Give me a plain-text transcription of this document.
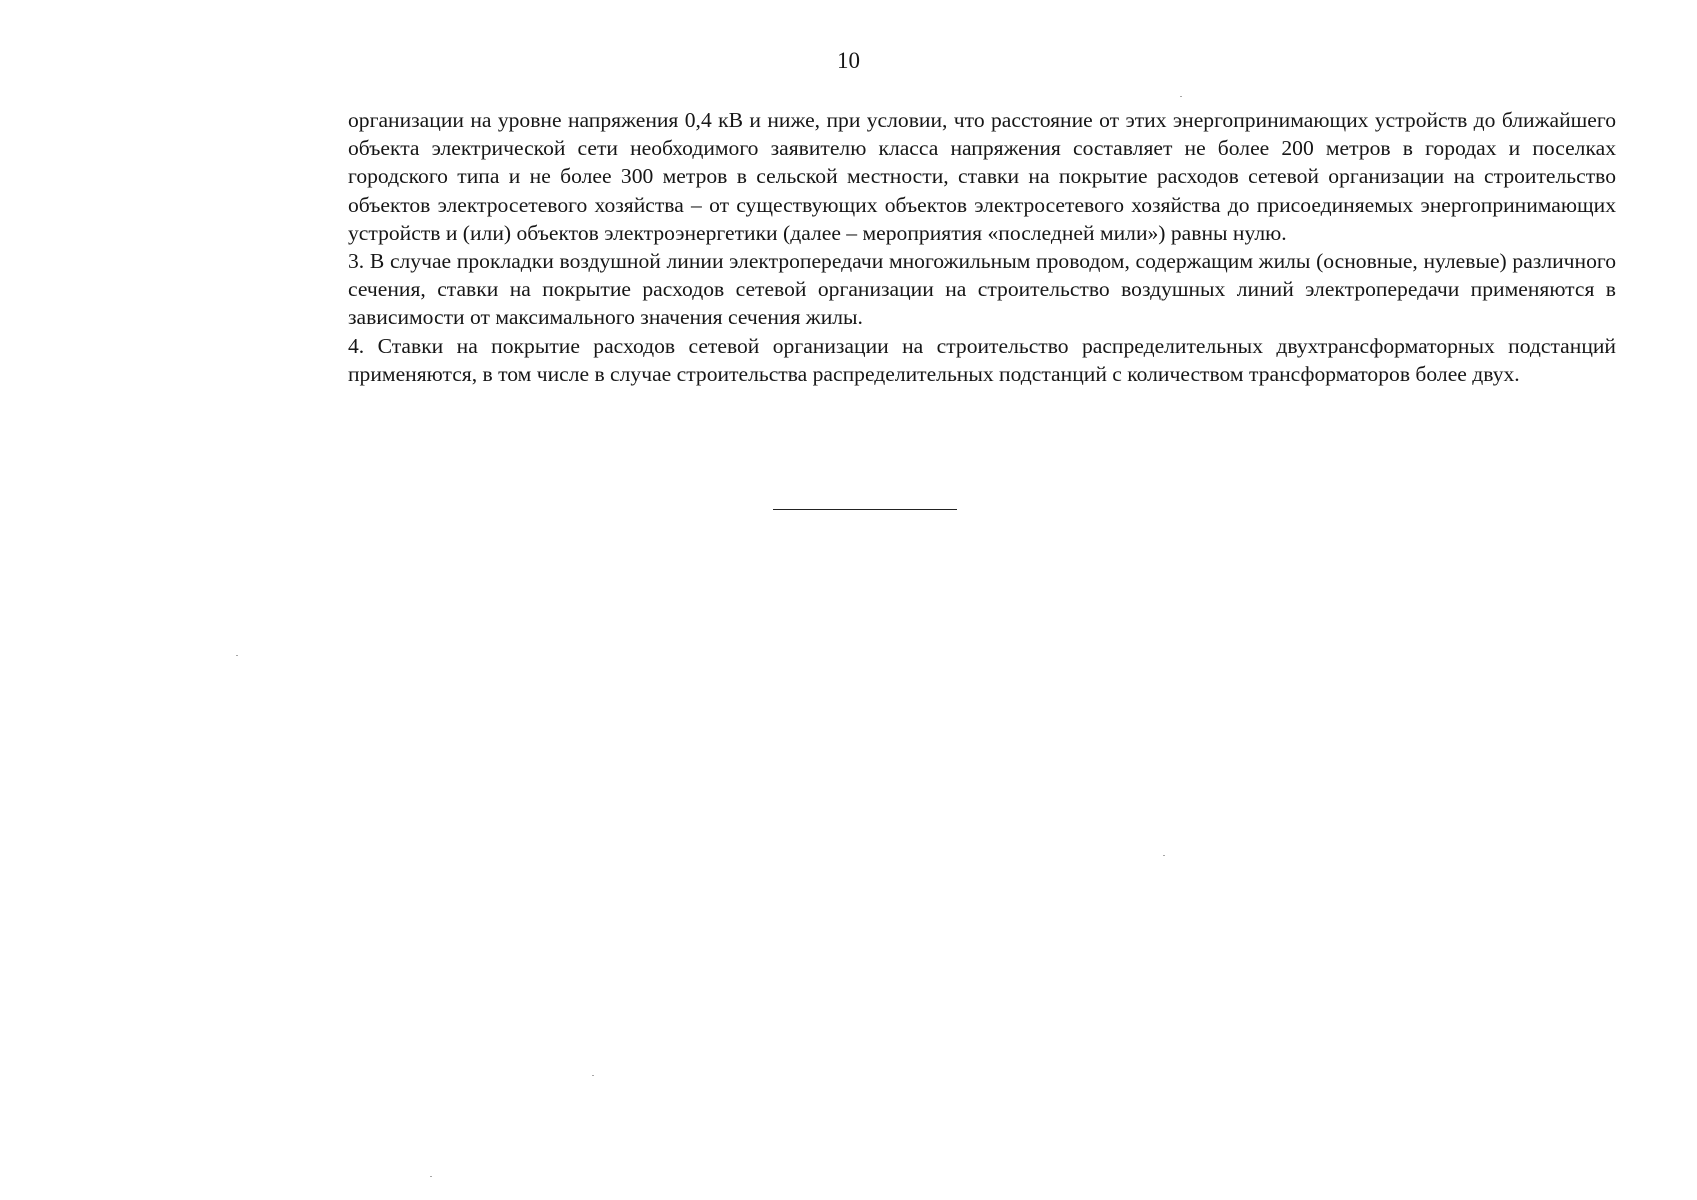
10

организации на уровне напряжения 0,4 кВ и ниже, при условии, что расстояние от этих энергопринимающих устройств до ближайшего объекта электрической сети необходимого заявителю класса напряжения составляет не более 200 метров в городах и поселках городского типа и не более 300 метров в сельской местности, ставки на покрытие расходов сетевой организации на строительство объектов электросетевого хозяйства – от существующих объектов электросетевого хозяйства до присоединяемых энергопринимающих устройств и (или) объектов электроэнергетики (далее – мероприятия «последней мили») равны нулю.

3. В случае прокладки воздушной линии электропередачи многожильным проводом, содержащим жилы (основные, нулевые) различного сечения, ставки на покрытие расходов сетевой организации на строительство воздушных линий электропередачи применяются в зависимости от максимального значения сечения жилы.

4. Ставки на покрытие расходов сетевой организации на строительство распределительных двухтрансформаторных подстанций применяются, в том числе в случае строительства распределительных подстанций с количеством трансформаторов более двух.
